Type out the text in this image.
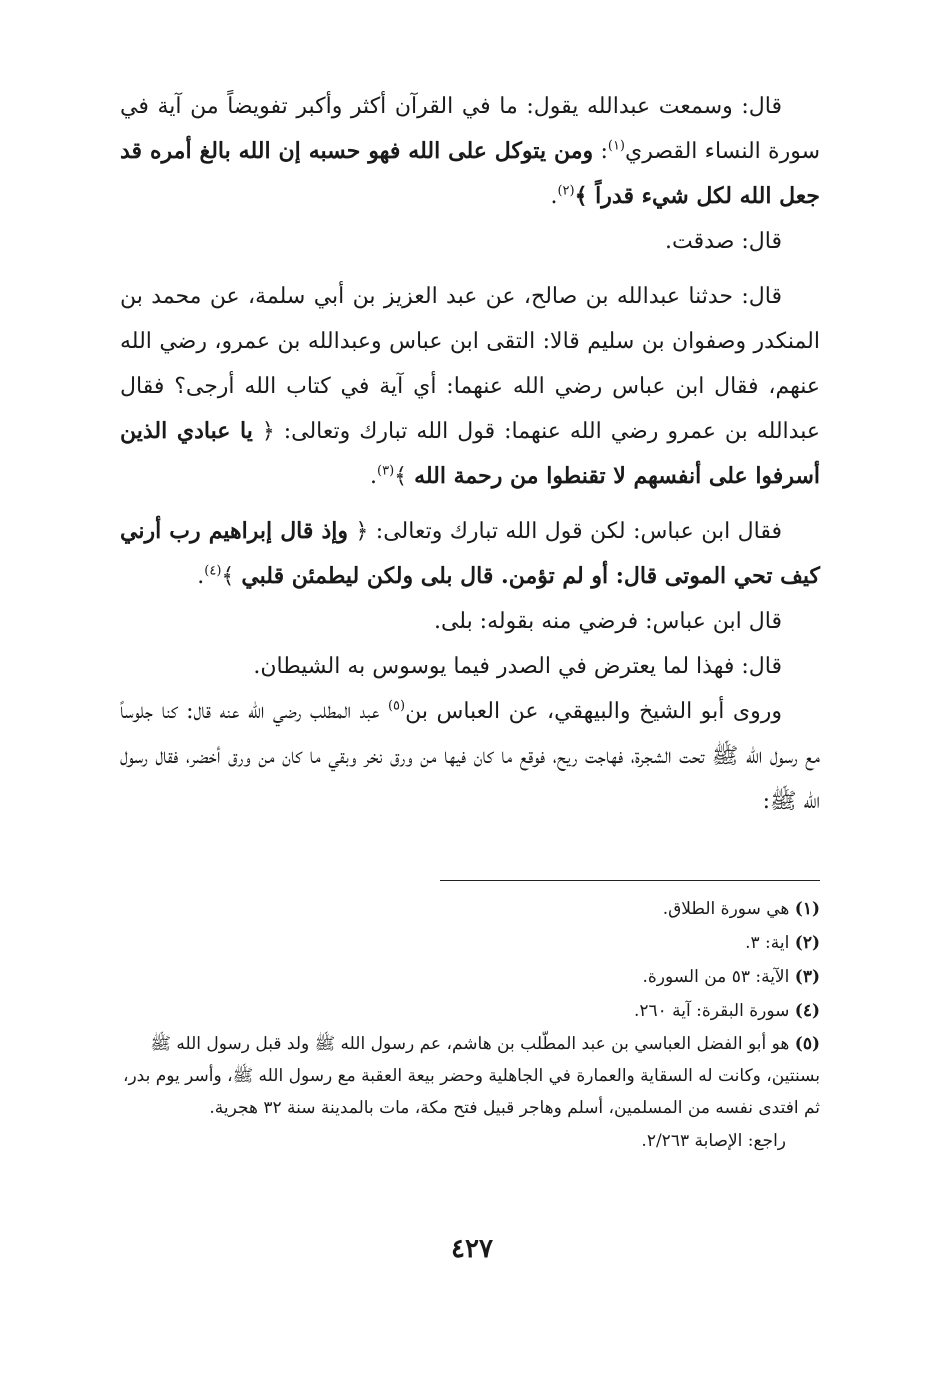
قال: وسمعت عبدالله يقول: ما في القرآن أكثر وأكبر تفويضاً من آية في سورة النساء القصري$^{(١)}$: ومن يتوكل على الله فهو حسبه إن الله بالغ أمره قد جعل الله لكل شيء قدراً ﴾$^{(٢)}$.

قال: صدقت.

قال: حدثنا عبدالله بن صالح، عن عبد العزيز بن أبي سلمة، عن محمد بن المنكدر وصفوان بن سليم قالا: التقى ابن عباس وعبدالله بن عمرو، رضي الله عنهم، فقال ابن عباس رضي الله عنهما: أي آية في كتاب الله أرجى؟ فقال عبدالله بن عمرو رضي الله عنهما: قول الله تبارك وتعالى: ﴿ يا عبادي الذين أسرفوا على أنفسهم لا تقنطوا من رحمة الله ﴾$^{(٣)}$.

فقال ابن عباس: لكن قول الله تبارك وتعالى: ﴿ وإذ قال إبراهيم رب أرني كيف تحي الموتى قال: أو لم تؤمن. قال بلى ولكن ليطمئن قلبي ﴾$^{(٤)}$.

قال ابن عباس: فرضي منه بقوله: بلى.

قال: فهذا لما يعترض في الصدر فيما يوسوس به الشيطان.

وروى أبو الشيخ والبيهقي، عن العباس بن$^{(٥)}$ عبد المطلب رضي الله عنه قال: كنا جلوساً مع رسول الله ﷺ تحت الشجرة، فهاجت ريح، فوقع ما كان فيها من ورق نخر وبقي ما كان من ورق أخضر، فقال رسول الله ﷺ:

(١) هي سورة الطلاق.

(٢) اية: ٣.

(٣) الآية: ٥٣ من السورة.

(٤) سورة البقرة: آية ٢٦٠.

(٥) هو أبو الفضل العباسي بن عبد المطّلب بن هاشم، عم رسول الله ﷺ ولد قبل رسول الله ﷺ بسنتين، وكانت له السقاية والعمارة في الجاهلية وحضر بيعة العقبة مع رسول الله ﷺ، وأسر يوم بدر، ثم افتدى نفسه من المسلمين، أسلم وهاجر قبيل فتح مكة، مات بالمدينة سنة ٣٢ هجرية.

راجع: الإصابة ٢/٢٦٣.

٤٢٧
